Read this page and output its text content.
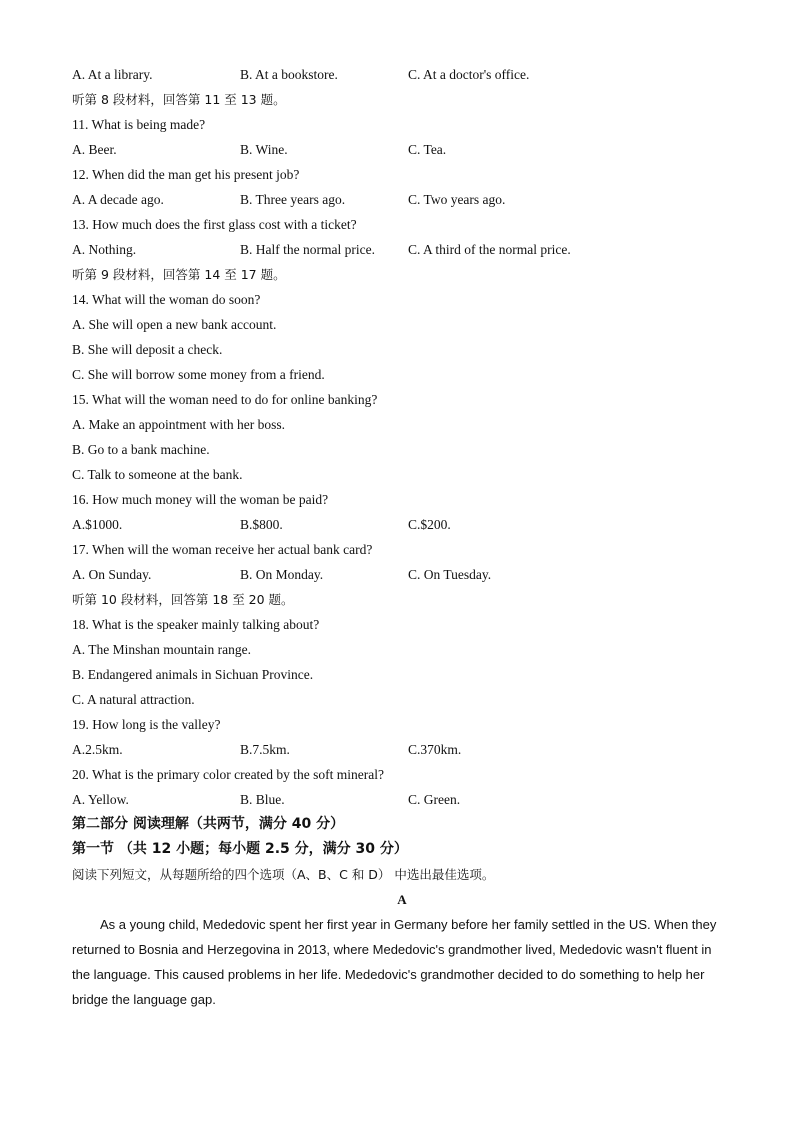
A. At a library.	B. At a bookstore.	C. At a doctor's office.
听第 8 段材料，回答第 11 至 13 题。
11. What is being made?
A. Beer.	B. Wine.	C. Tea.
12. When did the man get his present job?
A. A decade ago.	B. Three years ago.	C. Two years ago.
13. How much does the first glass cost with a ticket?
A. Nothing.	B. Half the normal price. C. A third of the normal price.
听第 9 段材料，回答第 14 至 17 题。
14. What will the woman do soon?
A. She will open a new bank account.
B. She will deposit a check.
C. She will borrow some money from a friend.
15. What will the woman need to do for online banking?
A. Make an appointment with her boss.
B. Go to a bank machine.
C. Talk to someone at the bank.
16. How much money will the woman be paid?
A.$1000.	B.$800.	C.$200.
17. When will the woman receive her actual bank card?
A. On Sunday.	B. On Monday.	C. On Tuesday.
听第 10 段材料，回答第 18 至 20 题。
18. What is the speaker mainly talking about?
A. The Minshan mountain range.
B. Endangered animals in Sichuan Province.
C. A natural attraction.
19. How long is the valley?
A.2.5km.	B.7.5km.	C.370km.
20. What is the primary color created by the soft mineral?
A. Yellow.	B. Blue.	C. Green.
第二部分 阅读理解（共两节，满分 40 分）
第一节 （共 12 小题；每小题 2.5 分，满分 30 分）
阅读下列短文，从每题所给的四个选项（A、B、C 和 D） 中选出最佳选项。
A
As a young child, Mededovic spent her first year in Germany before her family settled in the US. When they returned to Bosnia and Herzegovina in 2013, where Mededovic's grandmother lived, Mededovic wasn't fluent in the language. This caused problems in her life. Mededovic's grandmother decided to do something to help her bridge the language gap.
